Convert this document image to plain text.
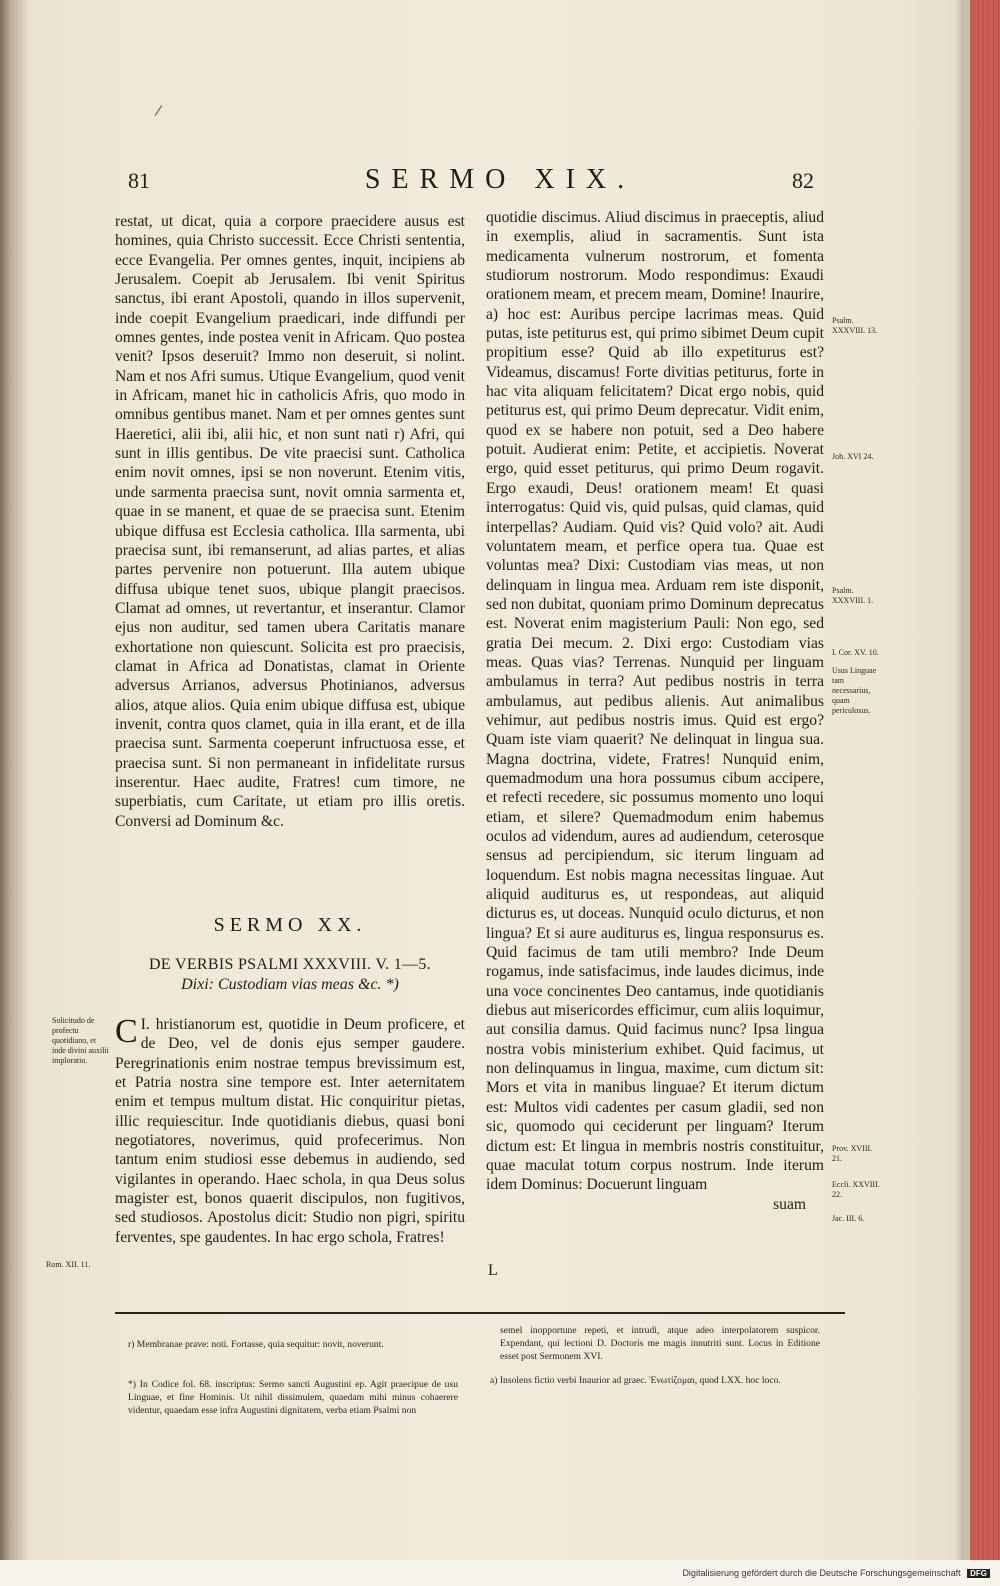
/
81	SERMO XIX.	82

restat, ut dicat, quia a corpore praecidere ausus est homines, quia Christo successit. Ecce Christi sententia, ecce Evangelia. Per omnes gentes, inquit, incipiens ab Jerusalem. Coepit ab Jerusalem. Ibi venit Spiritus sanctus, ibi erant Apostoli, quando in illos supervenit, inde coepit Evangelium praedicari, inde diffundi per omnes gentes, inde postea venit in Africam. Quo postea venit? Ipsos deseruit? Immo non deseruit, si nolint. Nam et nos Afri sumus. Utique Evangelium, quod venit in Africam, manet hic in catholicis Afris, quo modo in omnibus gentibus manet. Nam et per omnes gentes sunt Haeretici, alii ibi, alii hic, et non sunt nati r) Afri, qui sunt in illis gentibus. De vite praecisi sunt. Catholica enim novit omnes, ipsi se non noverunt. Etenim vitis, unde sarmenta praecisa sunt, novit omnia sarmenta et, quae in se manent, et quae de se praecisa sunt. Etenim ubique diffusa est Ecclesia catholica. Illa sarmenta, ubi praecisa sunt, ibi remanserunt, ad alias partes, et alias partes pervenire non potuerunt. Illa autem ubique diffusa ubique tenet suos, ubique plangit praecisos. Clamat ad omnes, ut revertantur, et inserantur. Clamor ejus non auditur, sed tamen ubera Caritatis manare exhortatione non quiescunt. Solicita est pro praecisis, clamat in Africa ad Donatistas, clamat in Oriente adversus Arrianos, adversus Photinianos, adversus alios, atque alios. Quia enim ubique diffusa est, ubique invenit, contra quos clamet, quia in illa erant, et de illa praecisa sunt. Sarmenta coeperunt infructuosa esse, et praecisa sunt. Si non permaneant in infidelitate rursus inserentur. Haec audite, Fratres! cum timore, ne superbiatis, cum Caritate, ut etiam pro illis oretis. Conversi ad Dominum &c.

SERMO XX.
DE VERBIS PSALMI XXXVIII. V. 1—5.
Dixi: Custodiam vias meas &c. *)
I.
C hristianorum est, quotidie in Deum proficere, et de Deo, vel de donis ejus semper gaudere. Peregrinationis enim nostrae tempus brevissimum est, et Patria nostra sine tempore est. Inter aeternitatem enim et tempus multum distat. Hic conquiritur pietas, illic requiescitur. Inde quotidianis diebus, quasi boni negotiatores, noverimus, quid profecerimus. Non tantum enim studiosi esse debemus in audiendo, sed vigilantes in operando. Haec schola, in qua Deus solus magister est, bonos quaerit discipulos, non fugitivos, sed studiosos. Apostolus dicit: Studio non pigri, spiritu ferventes, spe gaudentes. In hac ergo schola, Fratres!

quotidie discimus. Aliud discimus in praeceptis, aliud in exemplis, aliud in sacramentis. Sunt ista medicamenta vulnerum nostrorum, et fomenta studiorum nostrorum. Modo respondimus: Exaudi orationem meam, et precem meam, Domine! Inaurire, a) hoc est: Auribus percipe lacrimas meas. Quid putas, iste petiturus est, qui primo sibimet Deum cupit propitium esse? Quid ab illo expetiturus est? Videamus, discamus! Forte divitias petiturus, forte in hac vita aliquam felicitatem? Dicat ergo nobis, quid petiturus est, qui primo Deum deprecatur. Vidit enim, quod ex se habere non potuit, sed a Deo habere potuit. Audierat enim: Petite, et accipietis. Noverat ergo, quid esset petiturus, qui primo Deum rogavit. Ergo exaudi, Deus! orationem meam! Et quasi interrogatus: Quid vis, quid pulsas, quid clamas, quid interpellas? Audiam. Quid vis? Quid volo? ait. Audi voluntatem meam, et perfice opera tua. Quae est voluntas mea? Dixi: Custodiam vias meas, ut non delinquam in lingua mea. Arduam rem iste disponit, sed non dubitat, quoniam primo Dominum deprecatus est. Noverat enim magisterium Pauli: Non ego, sed gratia Dei mecum. 2. Dixi ergo: Custodiam vias meas. Quas vias? Terrenas. Nunquid per linguam ambulamus in terra? Aut pedibus nostris in terra ambulamus, aut pedibus alienis. Aut animalibus vehimur, aut pedibus nostris imus. Quid est ergo? Quam iste viam quaerit? Ne delinquat in lingua sua. Magna doctrina, videte, Fratres! Nunquid enim, quemadmodum una hora possumus cibum accipere, et refecti recedere, sic possumus momento uno loqui etiam, et silere? Quemadmodum enim habemus oculos ad videndum, aures ad audiendum, ceterosque sensus ad percipiendum, sic iterum linguam ad loquendum. Est nobis magna necessitas linguae. Aut aliquid auditurus es, ut respondeas, aut aliquid dicturus es, ut doceas. Nunquid oculo dicturus, et non lingua? Et si aure auditurus es, lingua responsurus es. Quid facimus de tam utili membro? Inde Deum rogamus, inde satisfacimus, inde laudes dicimus, inde una voce concinentes Deo cantamus, inde quotidianis diebus aut misericordes efficimur, cum aliis loquimur, aut consilia damus. Quid facimus nunc? Ipsa lingua nostra vobis ministerium exhibet. Quid facimus, ut non delinquamus in lingua, maxime, cum dictum sit: Mors et vita in manibus linguae? Et iterum dictum est: Multos vidi cadentes per casum gladii, sed non sic, quomodo qui ceciderunt per linguam? Iterum dictum est: Et lingua in membris nostris constituitur, quae maculat totum corpus nostrum. Inde iterum idem Dominus: Docuerunt linguam

suam

L
Psalm. XXXVIII. 13.
Joh. XVI 24.
Psalm. XXXVIII. 1.
I. Cor. XV. 10.
Usus Linguae tam necessarius, quam periculosus.
Prov. XVIII. 21.
Eccli. XXVIII. 22.
Jac. III. 6.
Solicitudo de profectu quotidiano, et inde divini auxilii imploratio.
Rom. XII. 11.
r) Membranae prave: noti. Fortasse, quia sequitur: novit, noverunt.
*) In Codice fol. 68. inscriptus: Sermo sancti Augustini ep. Agit praecipue de usu Linguae, et fine Hominis. Ut nihil dissimulem, quaedam mihi minus cohaerere videntur, quaedam esse infra Augustini dignitatem, verba etiam Psalmi non
semel inopportune repeti, et intrudi, atque adeo interpolatorem suspicor. Expendant, qui lectioni D. Doctoris me magis innutriti sunt. Locus in Editione esset post Sermonem XVI.
a) Insolens fictio verbi Inaurior ad graec. Ἐνωτίζομαι, quod LXX. hoc loco.
Digitalisierung gefördert durch die Deutsche Forschungsgemeinschaft DFG
